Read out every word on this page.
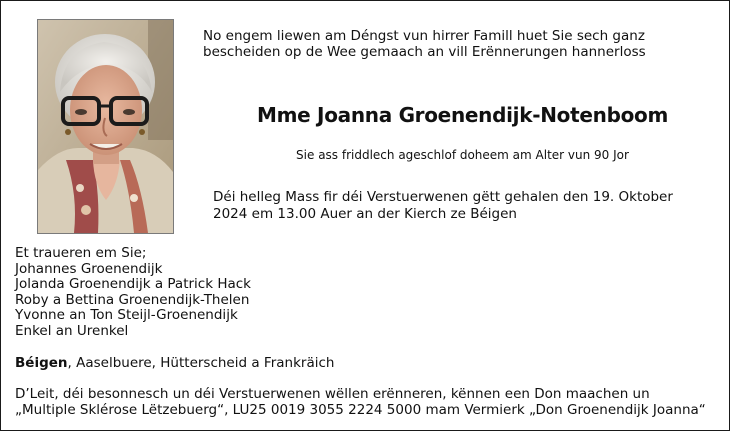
No engem liewen am Déngst vun hirrer Famill huet Sie sech ganz
bescheiden op de Wee gemaach an vill Erënnerungen hannerloss
Mme Joanna Groenendijk-Notenboom
Sie ass friddlech ageschlof doheem am Alter vun 90 Jor
Déi helleg Mass fir déi Verstuerwenen gëtt gehalen den 19. Oktober
2024 em 13.00 Auer an der Kierch ze Béigen
Et traueren em Sie;
Johannes Groenendijk
Jolanda Groenendijk a Patrick Hack
Roby a Bettina Groenendijk-Thelen
Yvonne an Ton Steijl-Groenendijk
Enkel an Urenkel
Béigen, Aaselbuere, Hütterscheid a Frankräich
D’Leit, déi besonnesch un déi Verstuerwenen wëllen erënneren, kënnen een Don maachen un
„Multiple Sklérose Lëtzebuerg“, LU25 0019 3055 2224 5000 mam Vermierk „Don Groenendijk Joanna“
